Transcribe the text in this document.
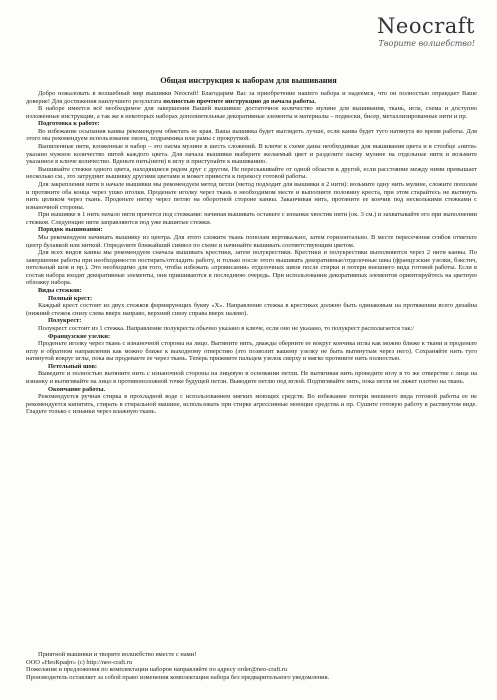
Neocraft
Творите волшебство!
Общая инструкция к наборам для вышивания

Добро пожаловать в волшебный мир вышивки Neocraft! Благодарим Вас за приобретение нашего набора и надеемся, что он полностью оправдает Ваше доверие! Для достижения наилучшего результата полностью прочтите инструкцию до начала работы.

В наборе имеется всё необходимое для завершения Вашей вышивки: достаточное количество мулине для вышивания, ткань, игла, схема и доступно изложенные инструкции, а так же в некоторых наборах дополнительные декоративные элементы и материалы – подвески, бисер, металлизированные нити и пр.

Подготовка к работе:

Во избежание осыпания канвы рекомендуем обметать ее края. Ваша вышивка будет выглядеть лучше, если канва будет туго натянута во время работы. Для этого мы рекомендуем использование пялец, подрамника или рамы с прокруткой.

Выпиленные нити, вложенные в набор – это пасма мулине в шесть сложений. В ключе к схеме даны необходимые для вышивания цвета и в столбце «нити» указано нужное количество нитей каждого цвета. Для начала вышивки выберите желаемый цвет и разделите пасму мулине на отдельные нити и возьмите указанное в ключе количество. Вденьте нить(нити) в иглу и приступайте к вышиванию.

Вышивайте стежки одного цвета, находящиеся рядом друг с другом. Не перескакивайте от одной области к другой, если расстояние между ними превышает несколько см., это затруднит вышивку другими цветами и может привести к перекосу готовой работы.

Для закрепления нити в начале вышивки мы рекомендуем метод петли (метод подходит для вышивки в 2 нити): возьмите одну нить мулине, сложите пополам и протяните оба конца через ушко иголки. Проденьте иголку через ткань в необходимом месте и выполните половину креста, при этом старайтесь не вытянуть нить целиком через ткань. Проденьте нитку через петлю на оборотной стороне канвы. Заканчивая нить, протяните ее кончик под несколькими стежками с изнаночной стороны.

При вышивке в 1 нить начало нити прячется под стежками: начиная вышивать оставьте с изнанки хвостик нити (ок. 3 см.) и захватывайте его при выполнении стежков. Следующие нити заправляются под уже вышитые стежки.

Порядок вышивания:

Мы рекомендуем начинать вышивку из центра. Для этого сложите ткань пополам вертикально, затем горизонтально. В месте пересечения сгибов отметьте центр булавкой или ниткой. Определите ближайший символ по схеме и начинайте вышивать соответствующим цветом.

Для всех видов канвы мы рекомендуем сначала вышивать крестики, затем полукрестики. Крестики и полукрестики выполняются через 2 нити канвы. По завершении работы при необходимости постирать/отгладить работу, и только после этого вышивать декоративные/отделочные швы (французские узелки, бэкстич, петельный шов и пр.). Это необходимо для того, чтобы избежать «провисания» отделочных швов после стирки и потери внешнего вида готовой работы. Если в состав набора входят декоративные элементы, они пришиваются в последнюю очередь. При использовании декоративных элементов ориентируйтесь на цветную обложку набора.

Виды стежков:
Полный крест:

Каждый крест состоит из двух стежков формирующих букву «Х». Направление стежка в крестиках должно быть одинаковым на протяжении всего дизайна (нижний стежок снизу слева вверх направо, верхний снизу справа вверх налево).

Полукрест:

Полукрест состоит из 1 стежка. Направление полукреста обычно указано в ключе, если оно не указано, то полукрест располагается так:/

Французские узелки:

Проденьте иголку через ткань с изнаночной стороны на лицо. Вытяните нить, дважды оберните ее вокруг кончика иглы как можно ближе к ткани и проденьте иглу в обратном направлении как можно ближе к выходному отверстию (это позволит вашему узелку не быть вытянутым через него). Сохраняйте нить туго натянутой вокруг иглы, пока вы продеваете ее через ткань. Теперь прижмите пальцем узелок сверху и мягко протяните нить полностью.

Петельный шов:

Выведите и полностью вытяните нить с изнаночной стороны на лицевую в основании петли. Не вытягивая нить проведите иглу в то же отверстие с лица на изнанку и вытягивайте на лицо в противоположной точке будущей петли. Выводите петлю под иглой. Подтягивайте нить, пока петля не ляжет плотно на ткань.

Окончание работы.

Рекомендуется ручная стирка в прохладной воде с использованием мягких моющих средств. Во избежание потери внешнего вида готовой работы ее не рекомендуется кипятить, стирать в стиральной машине, использовать при стирке агрессивные моющие средства и пр. Сушите готовую работу в растянутом виде. Гладьте только с изнанки через влажную ткань.

Приятной вышивки и творите волшебство вместе с нами!
ООО «НеоКрафт» (с) http://neo-craft.ru
Пожелания и предложения по комплектации наборов направляйте по адресу order@neo-craft.ru
Производитель оставляет за собой право изменения комплектации набора без предварительного уведомления.
